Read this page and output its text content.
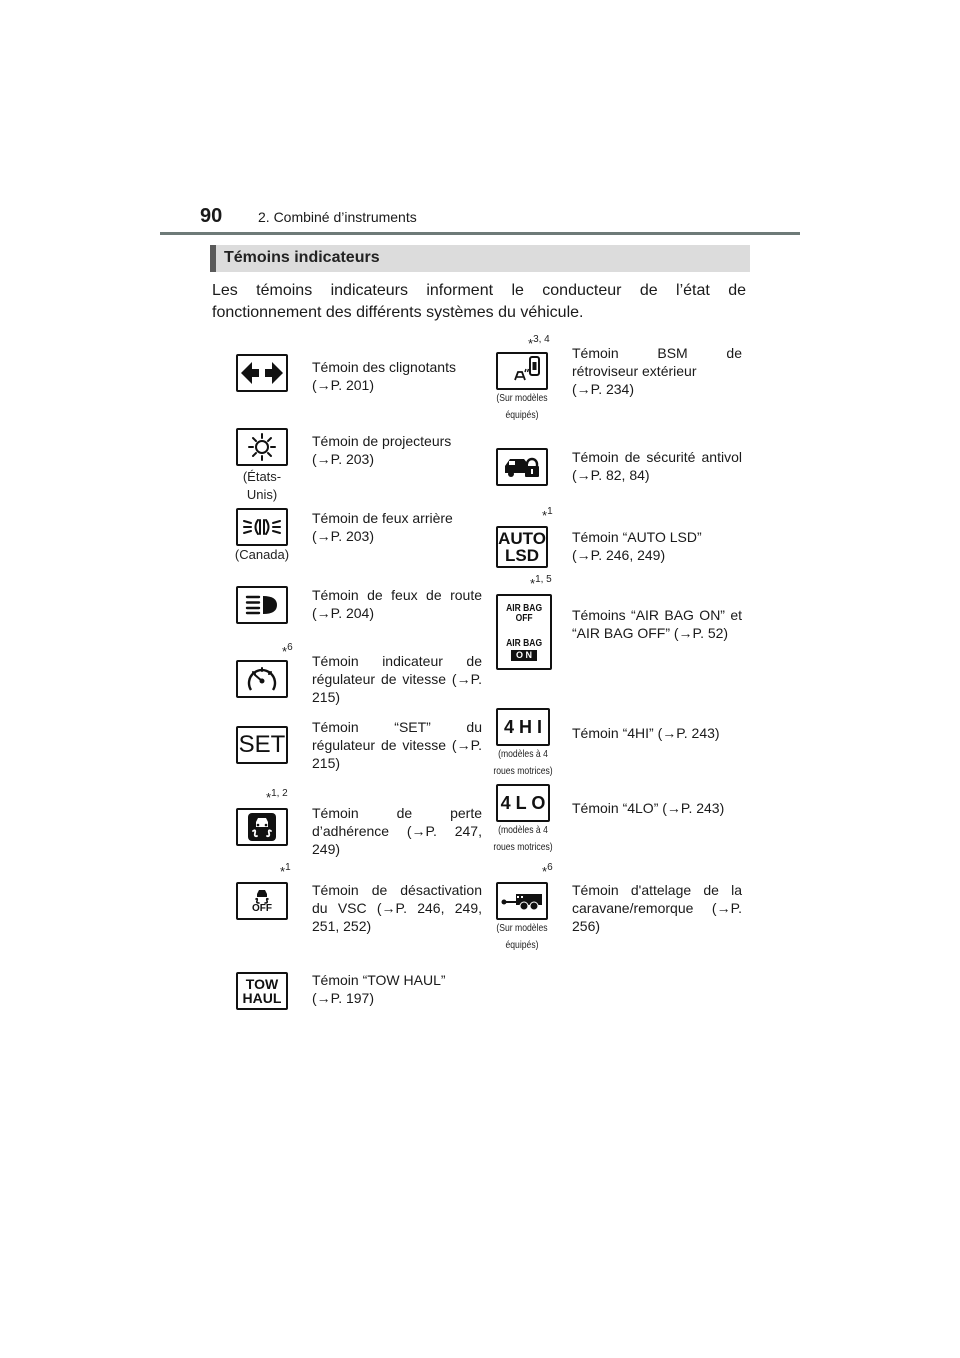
90	2. Combiné d’instruments
Témoins indicateurs
Les témoins indicateurs informent le conducteur de l’état de fonctionnement des différents systèmes du véhicule.
Témoin des clignotants
(→P. 201)
(États-
Unis)
Témoin de projecteurs
(→P. 203)
(Canada)
Témoin de feux arrière
(→P. 203)
Témoin de feux de route (→P. 204)
*$^6$
Témoin indicateur de régulateur de vitesse (→P. 215)
SET
Témoin “SET” du régulateur de vitesse (→P. 215)
*$^{1, 2}$
Témoin de perte d’adhérence (→P. 247, 249)
*$^1$
OFF
Témoin de désactivation du VSC (→P. 246, 249, 251, 252)
TOW
HAUL
Témoin “TOW HAUL”
(→P. 197)
*$^{3, 4}$
(Sur modèles
équipés)
Témoin BSM de rétroviseur extérieur
(→P. 234)
Témoin de sécurité antivol (→P. 82, 84)
*$^1$
AUTO
LSD
Témoin “AUTO LSD”
(→P. 246, 249)
*$^{1, 5}$
AIR BAG
OFF
AIR BAG
O N
Témoins “AIR BAG ON” et “AIR BAG OFF” (→P. 52)
4 H I
(modèles à 4
roues motrices)
Témoin “4HI” (→P. 243)
4 L O
(modèles à 4
roues motrices)
Témoin “4LO” (→P. 243)
*$^6$
(Sur modèles
équipés)
Témoin d'attelage de la caravane/remorque (→P. 256)
